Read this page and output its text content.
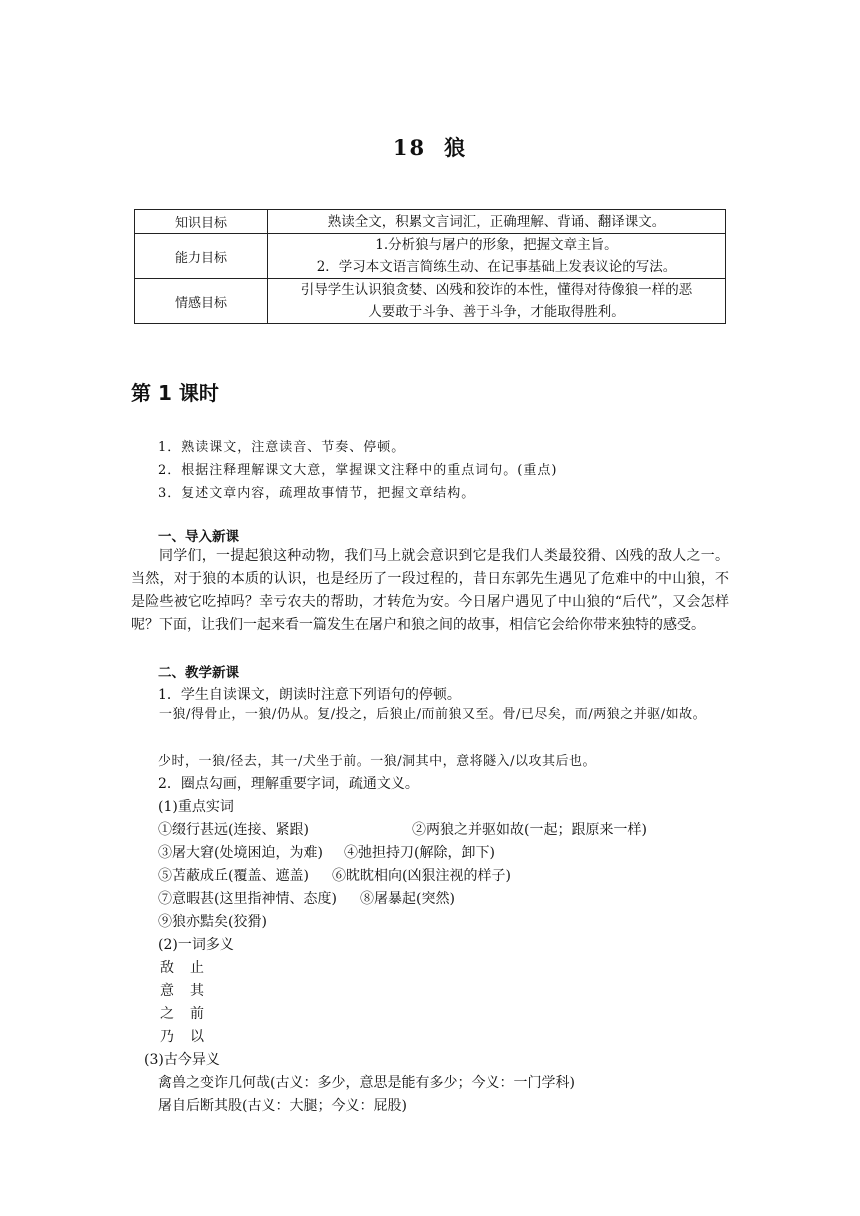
18 狼
知识目标	熟读全文，积累文言词汇，正确理解、背诵、翻译课文。
能力目标	1.分析狼与屠户的形象，把握文章主旨。
2．学习本文语言简练生动、在记事基础上发表议论的写法。

情感目标	引导学生认识狼贪婪、凶残和狡诈的本性，懂得对待像狼一样的恶
人要敢于斗争、善于斗争，才能取得胜利。
第 1 课时
1．熟读课文，注意读音、节奏、停顿。
2．根据注释理解课文大意，掌握课文注释中的重点词句。(重点)
3．复述文章内容，疏理故事情节，把握文章结构。
一、导入新课
同学们，一提起狼这种动物，我们马上就会意识到它是我们人类最狡猾、凶残的敌人之一。当然，对于狼的本质的认识，也是经历了一段过程的，昔日东郭先生遇见了危难中的中山狼，不是险些被它吃掉吗？幸亏农夫的帮助，才转危为安。今日屠户遇见了中山狼的“后代”，又会怎样呢？下面，让我们一起来看一篇发生在屠户和狼之间的故事，相信它会给你带来独特的感受。
二、教学新课
1．学生自读课文，朗读时注意下列语句的停顿。
一狼/得骨止，一狼/仍从。复/投之，后狼止/而前狼又至。骨/已尽矣，而/两狼之并驱/如故。
少时，一狼/径去，其一/犬坐于前。一狼/洞其中，意将隧入/以攻其后也。
2．圈点勾画，理解重要字词，疏通文义。
(1)重点实词
①缀行甚远(连接、紧跟)	②两狼之并驱如故(一起；跟原来一样)
③屠大窘(处境困迫，为难) ④弛担持刀(解除，卸下)
⑤苫蔽成丘(覆盖、遮盖) ⑥眈眈相向(凶狠注视的样子)
⑦意暇甚(这里指神情、态度) ⑧屠暴起(突然)
⑨狼亦黠矣(狡猾)
(2)一词多义
敌 止
意 其
之 前
乃 以
(3)古今异义
禽兽之变诈几何哉(古义：多少，意思是能有多少；今义：一门学科)
屠自后断其股(古义：大腿；今义：屁股)
